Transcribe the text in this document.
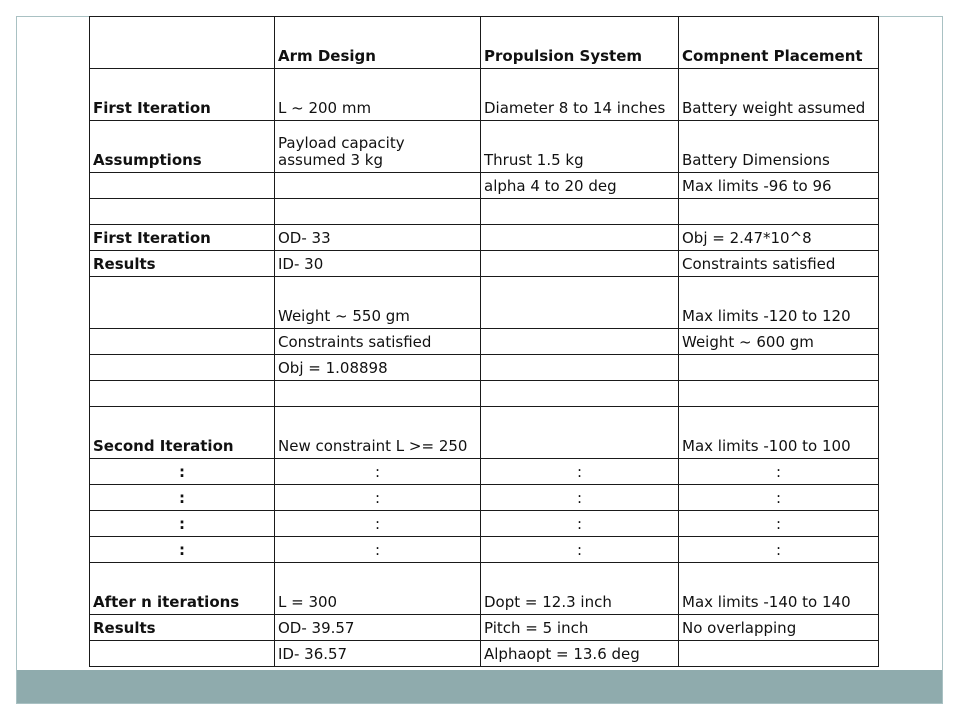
	Arm Design	Propulsion System	Compnent Placement
First Iteration	L ~ 200 mm	Diameter 8 to 14 inches	Battery weight assumed
Assumptions	Payload capacity assumed 3 kg	Thrust 1.5 kg	Battery Dimensions
		alpha 4 to 20 deg	Max limits -96 to 96

First Iteration	OD- 33		Obj = 2.47*10^8
Results	ID- 30		Constraints satisfied
	Weight ~ 550 gm		Max limits -120 to 120
	Constraints satisfied		Weight ~ 600 gm
	Obj = 1.08898		

Second Iteration	New constraint L >= 250		Max limits -100 to 100
:	:	:	:
:	:	:	:
:	:	:	:
:	:	:	:
After n iterations	L = 300	Dopt = 12.3 inch	Max limits -140 to 140
Results	OD- 39.57	Pitch = 5 inch	No overlapping
	ID- 36.57	Alphaopt = 13.6 deg	
